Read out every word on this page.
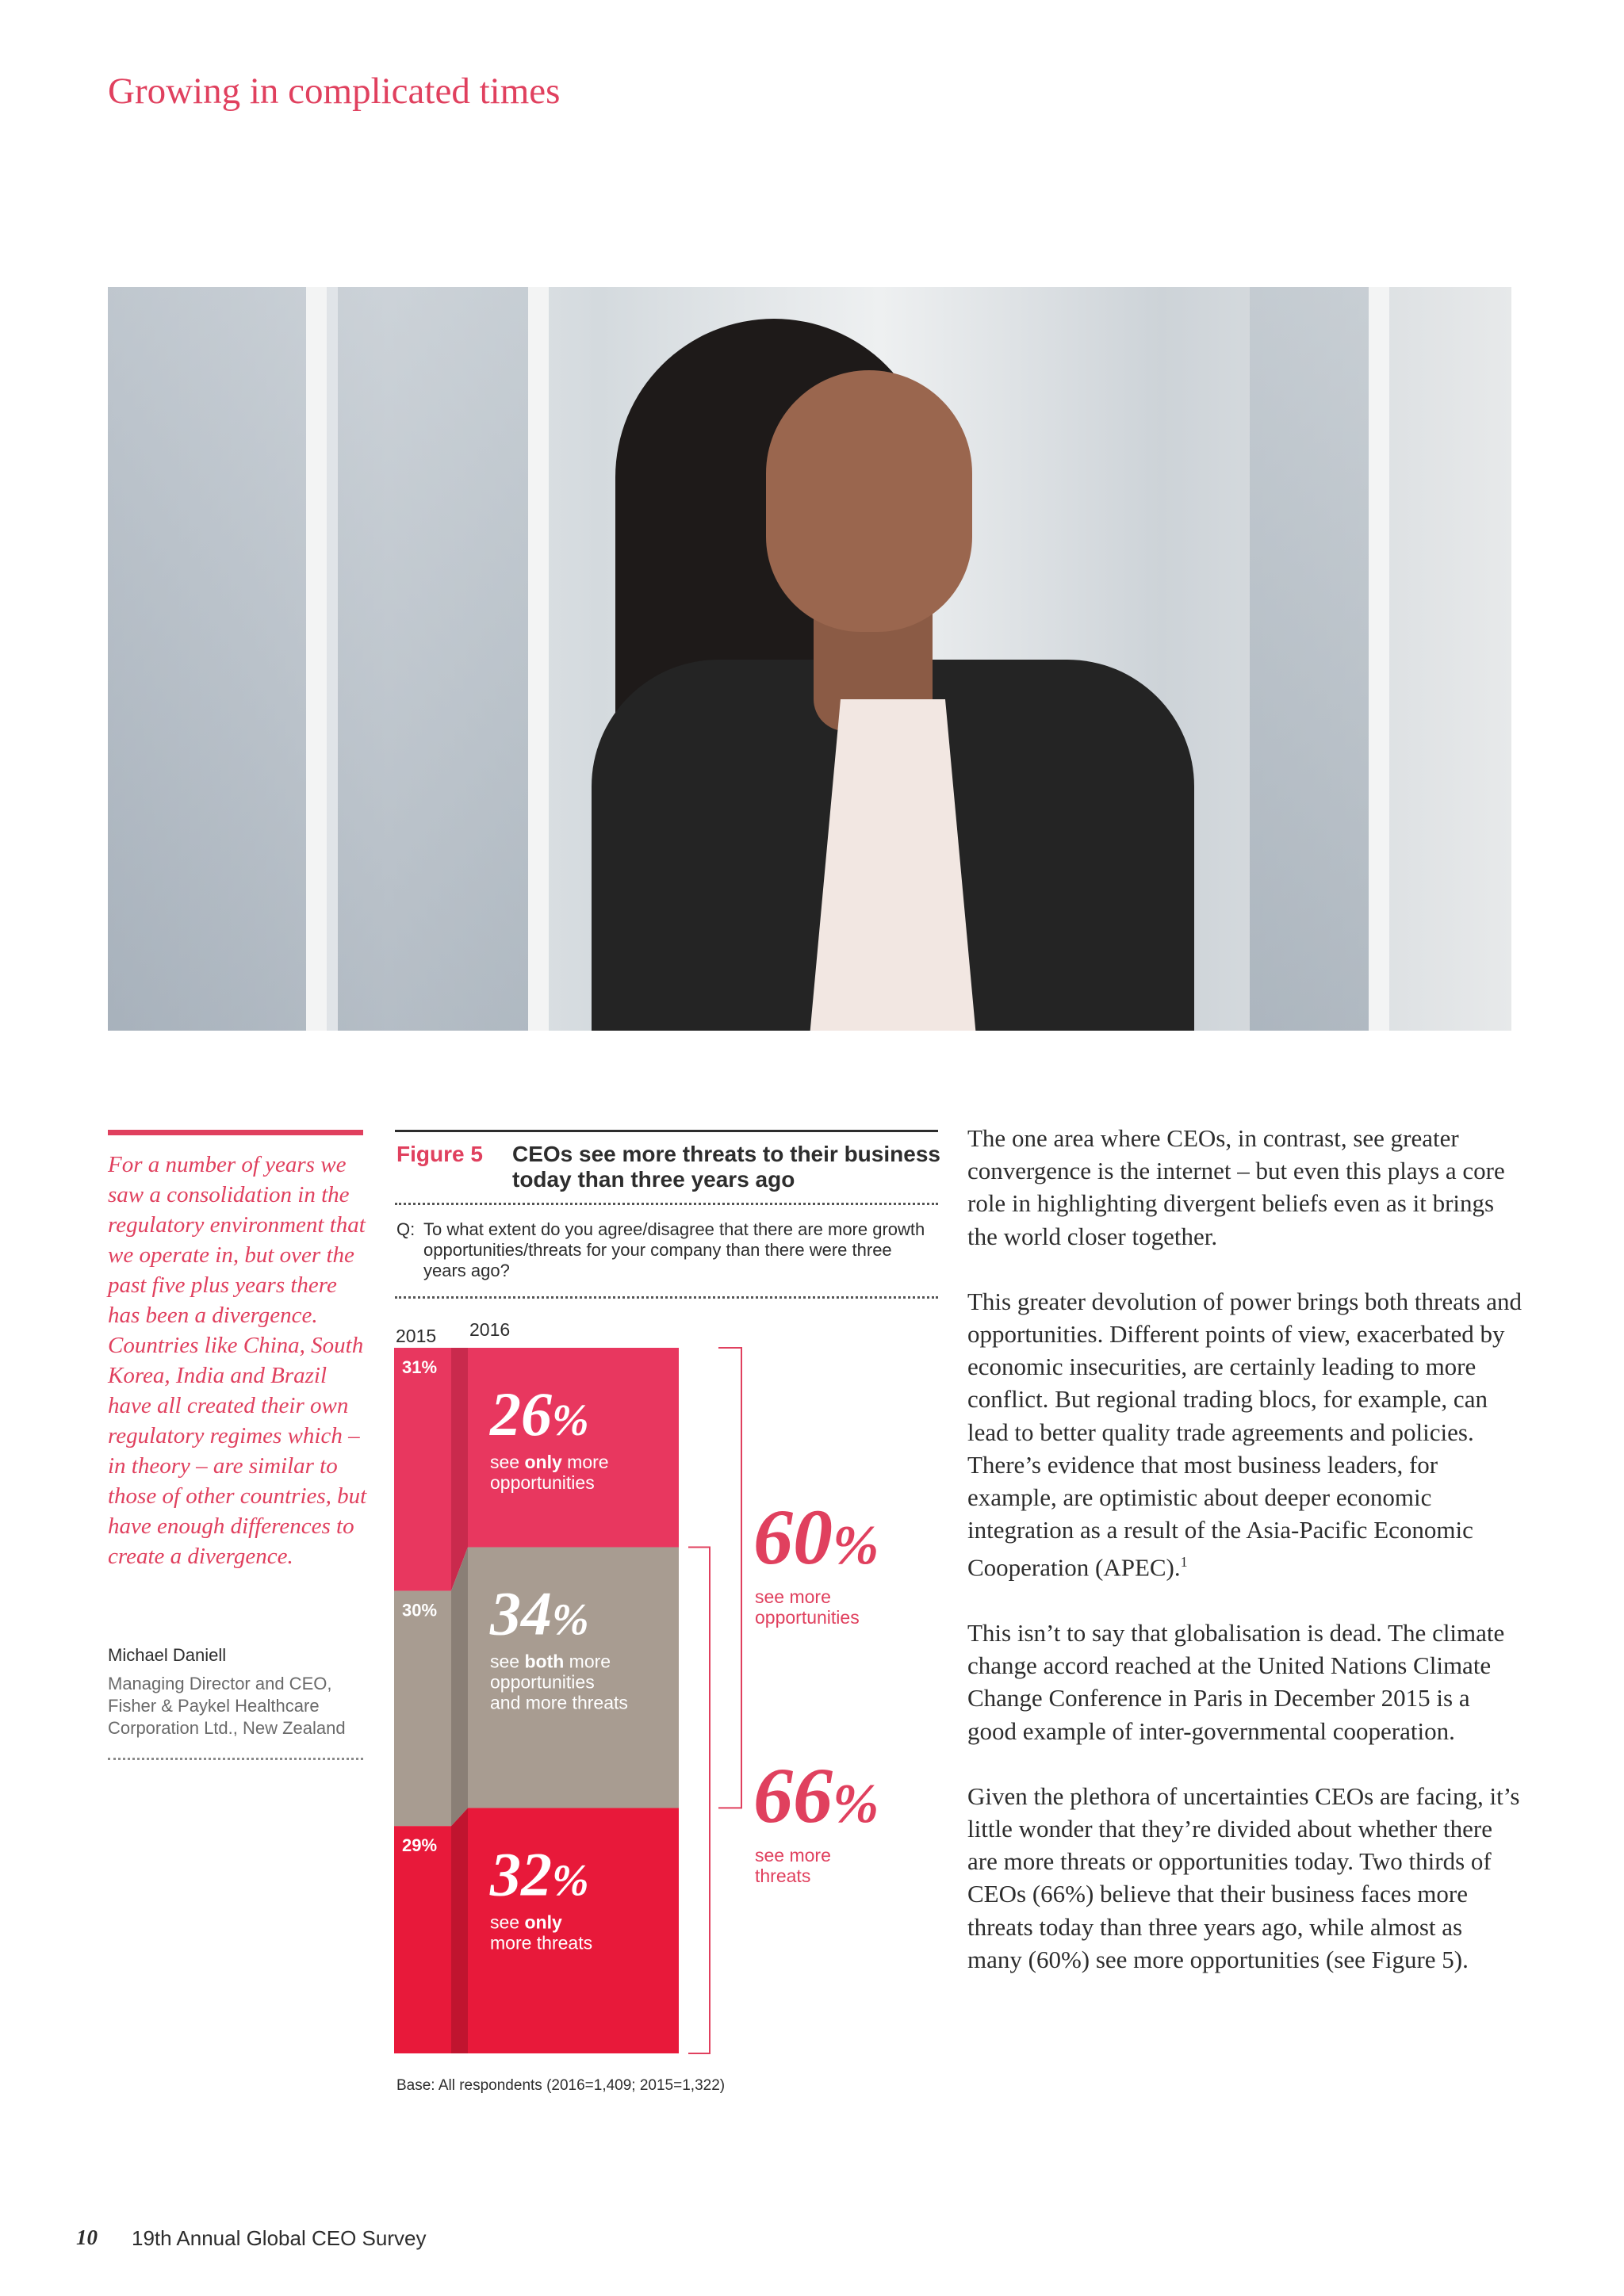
Growing in complicated times
For a number of years we saw a consolidation in the regulatory environment that we operate in, but over the past five plus years there has been a divergence. Countries like China, South Korea, India and Brazil have all created their own regulatory regimes which – in theory – are similar to those of other countries, but have enough differences to create a divergence.
Michael Daniell
Managing Director and CEO, Fisher & Paykel Healthcare Corporation Ltd., New Zealand
Figure 5 CEOs see more threats to their business today than three years ago
Q: To what extent do you agree/disagree that there are more growth opportunities/threats for your company than there were three years ago?
31%
30%
29%
2015 2016
26%
see only more
opportunities
34%
see both more
opportunities
and more threats
32%
see only
more threats
60%
see more
opportunities
66%
see more
threats
Base: All respondents (2016=1,409; 2015=1,322)

The one area where CEOs, in contrast, see greater convergence is the internet – but even this plays a core role in highlighting divergent beliefs even as it brings the world closer together.

This greater devolution of power brings both threats and opportunities. Different points of view, exacerbated by economic insecurities, are certainly leading to more conflict. But regional trading blocs, for example, can lead to better quality trade agreements and policies. There’s evidence that most business leaders, for example, are optimistic about deeper economic integration as a result of the Asia-Pacific Economic Cooperation (APEC).$^1$

This isn’t to say that globalisation is dead. The climate change accord reached at the United Nations Climate Change Conference in Paris in December 2015 is a good example of inter-governmental cooperation.

Given the plethora of uncertainties CEOs are facing, it’s little wonder that they’re divided about whether there are more threats or opportunities today. Two thirds of CEOs (66%) believe that their business faces more threats today than three years ago, while almost as many (60%) see more opportunities (see Figure 5).

10 19th Annual Global CEO Survey
